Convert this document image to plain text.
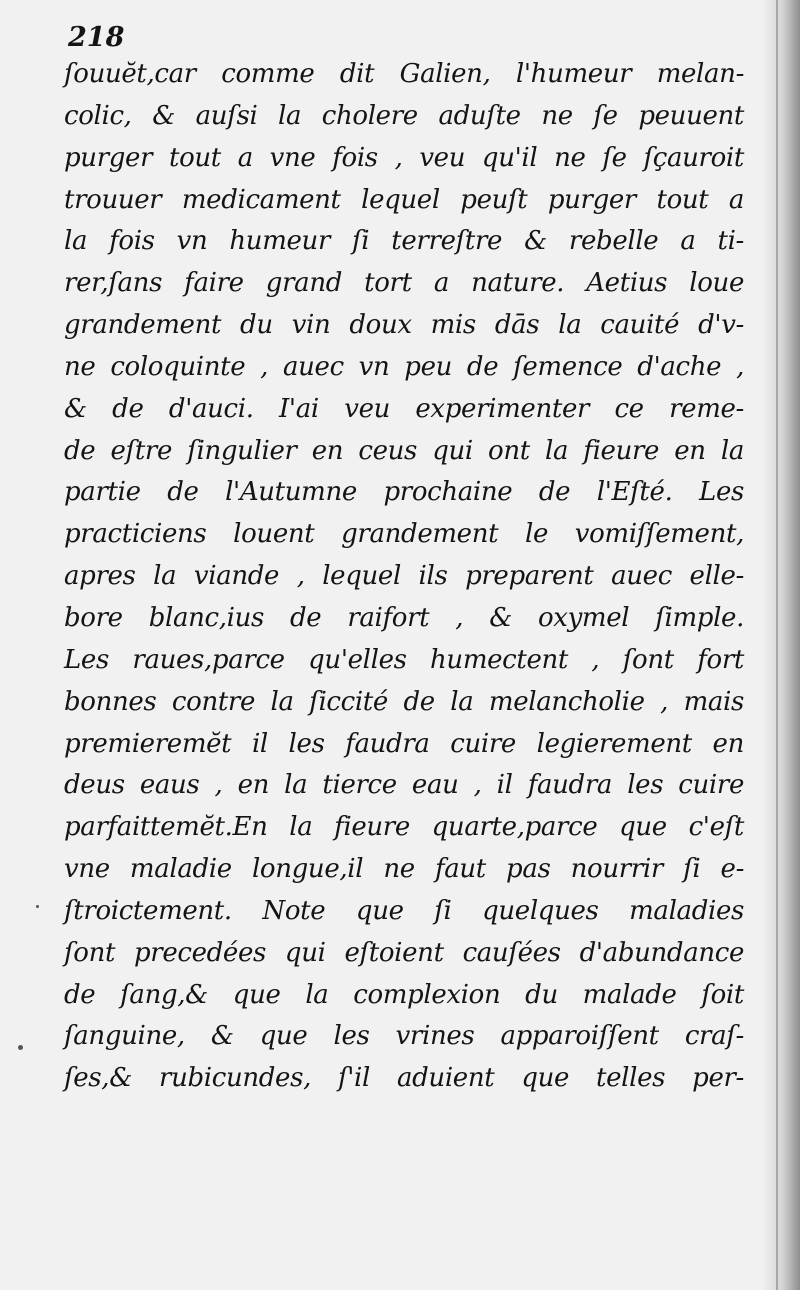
218

ſouuĕt,car comme dit Galien, l'humeur melan-
colic, & auſsi la cholere aduſte ne ſe peuuent
purger tout a vne fois , veu qu'il ne ſe ſçauroit
trouuer medicament lequel peuſt purger tout a
la fois vn humeur ſi terreſtre & rebelle a ti-
rer,ſans faire grand tort a nature. Aetius loue
grandement du vin doux mis dās la cauité d'v-
ne coloquinte , auec vn peu de ſemence d'ache ,
& de d'auci. I'ai veu experimenter ce reme-
de eſtre ſingulier en ceus qui ont la fieure en la
partie de l'Autumne prochaine de l'Eſté. Les
practiciens louent grandement le vomiſſement,
apres la viande , lequel ils preparent auec elle-
bore blanc,ius de raifort , & oxymel ſimple.
Les raues,parce qu'elles humectent , ſont fort
bonnes contre la ſiccité de la melancholie , mais
premieremĕt il les faudra cuire legierement en
deus eaus , en la tierce eau , il faudra les cuire
parfaittemĕt.En la fieure quarte,parce que c'eſt
vne maladie longue,il ne faut pas nourrir ſi e-
ſtroictement. Note que ſi quelques maladies
ſont precedées qui eſtoient cauſées d'abundance
de ſang,& que la complexion du malade ſoit
ſanguine, & que les vrines apparoiſſent craſ-
ſes,& rubicundes, ſ'il aduient que telles per-
